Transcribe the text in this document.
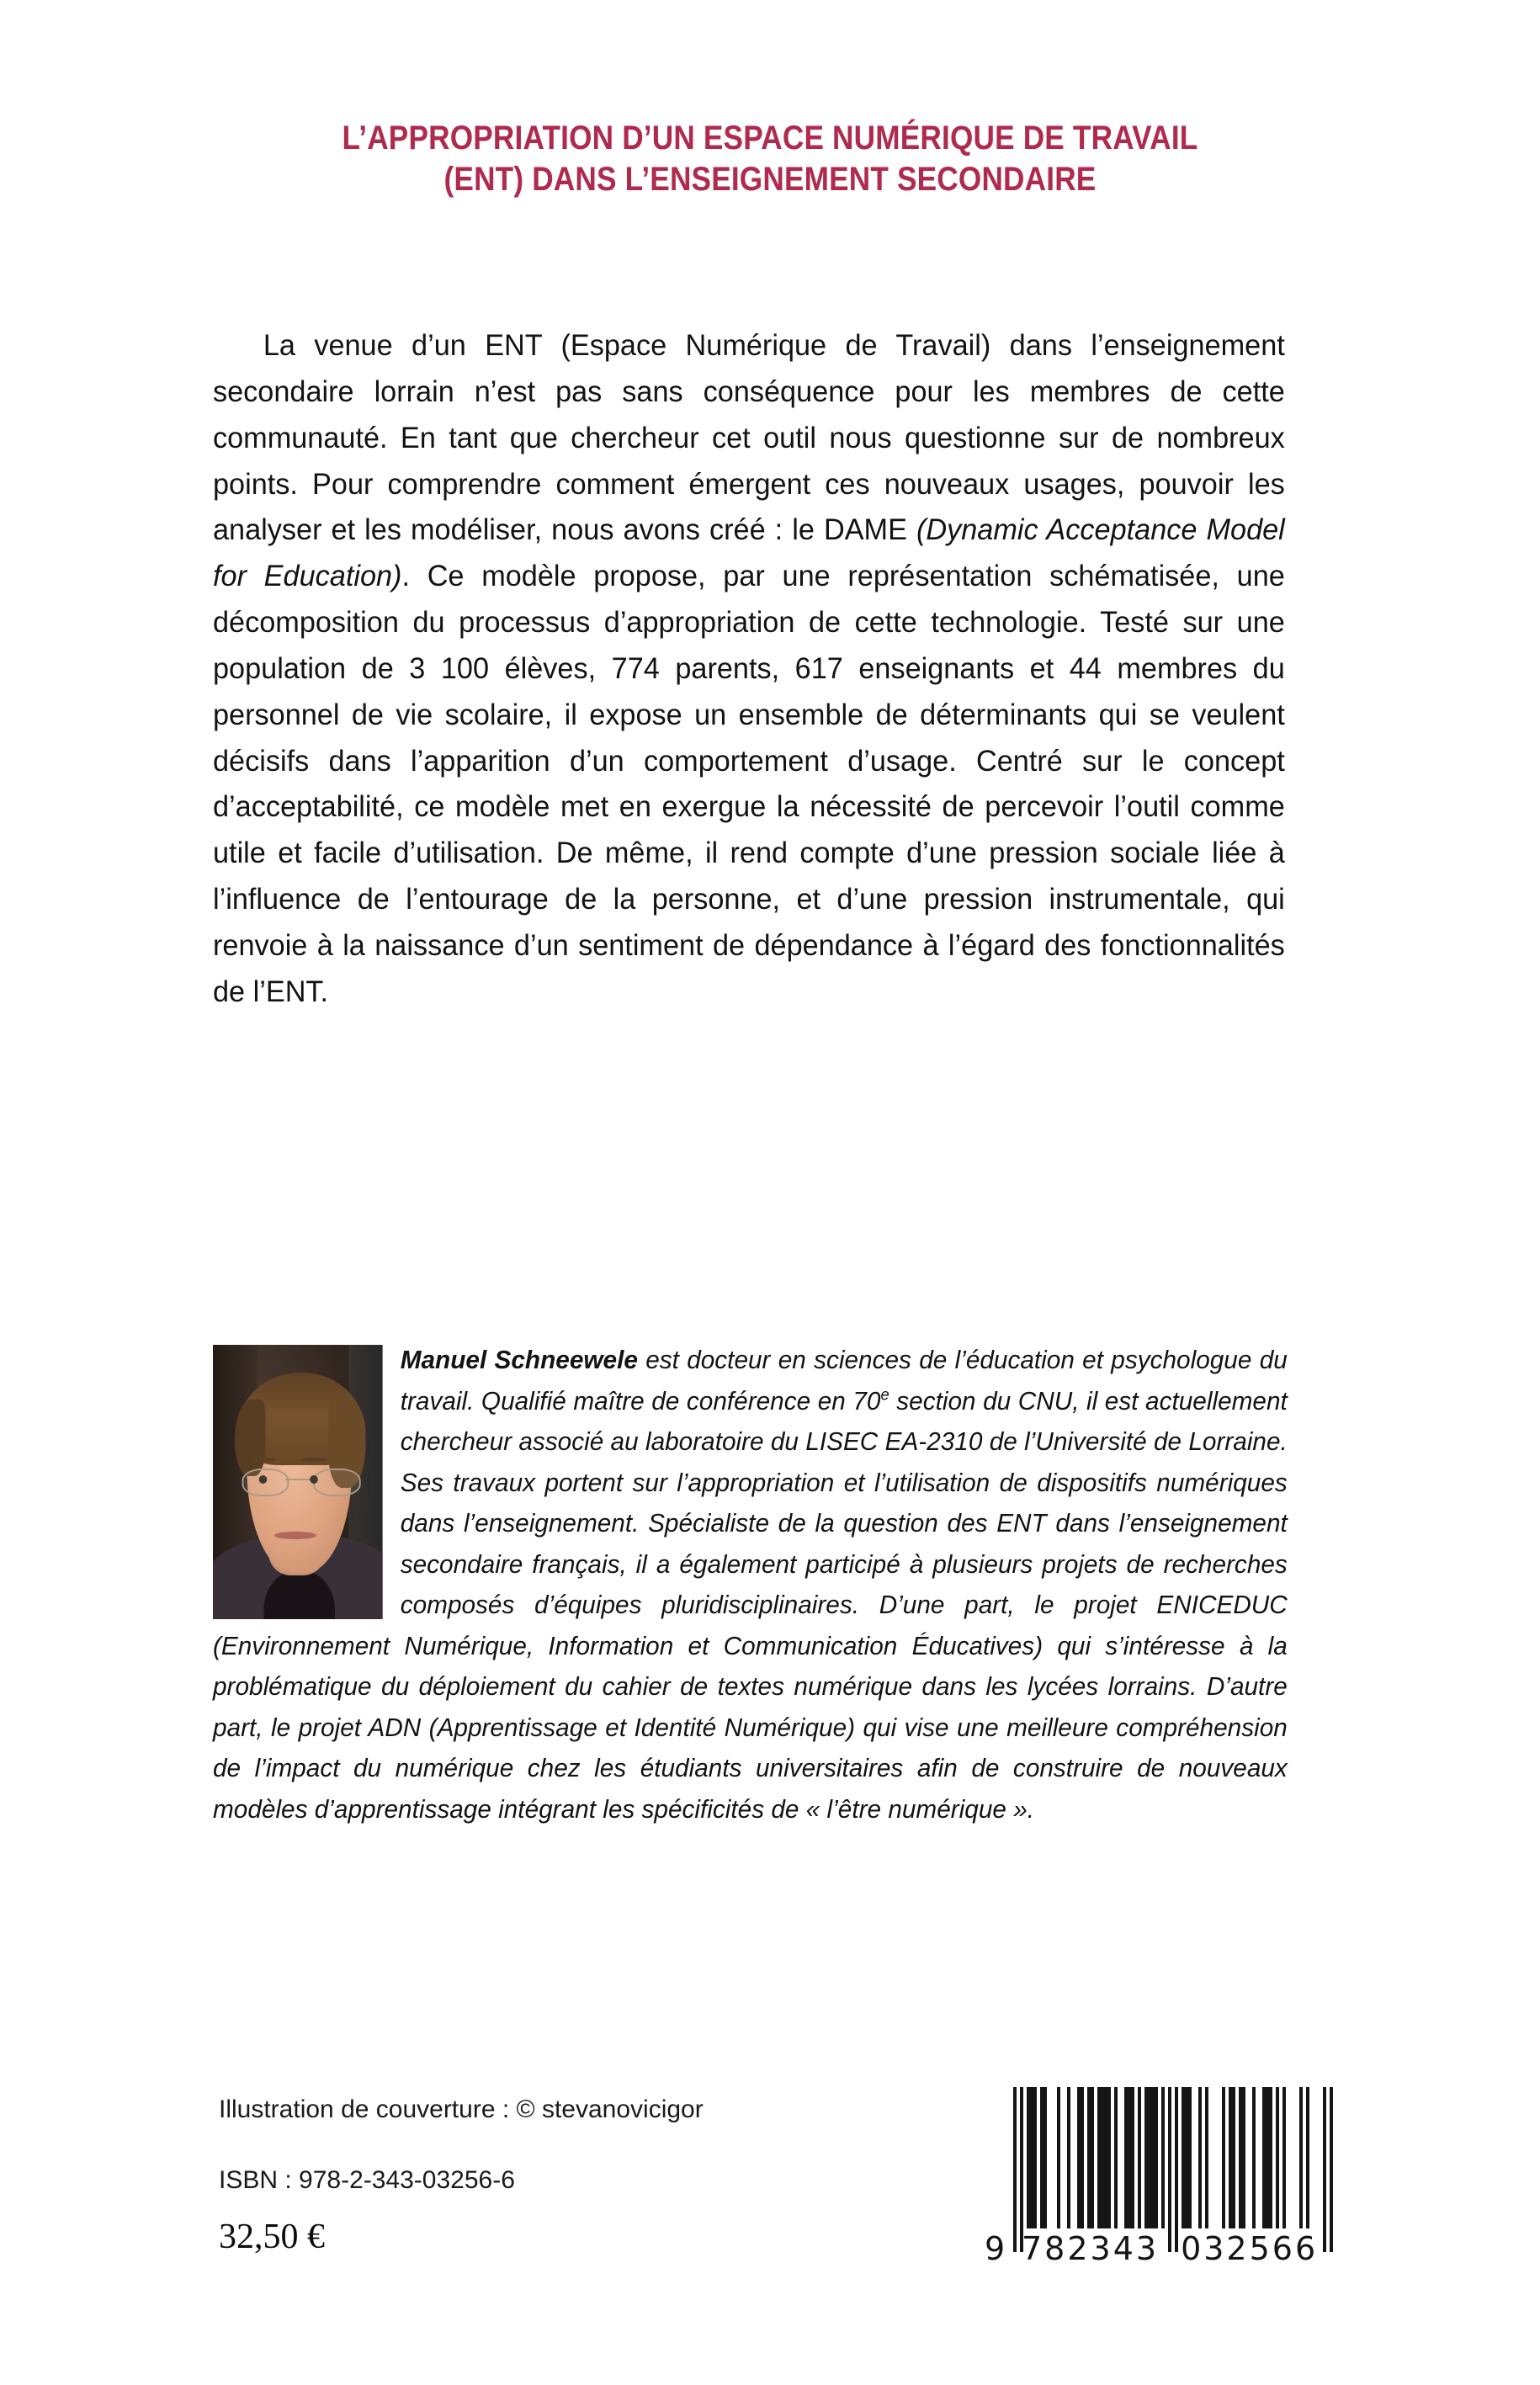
L’APPROPRIATION D’UN ESPACE NUMÉRIQUE DE TRAVAIL
(ENT) DANS L’ENSEIGNEMENT SECONDAIRE
La venue d’un ENT (Espace Numérique de Travail) dans l’enseignement secondaire lorrain n’est pas sans conséquence pour les membres de cette communauté. En tant que chercheur cet outil nous questionne sur de nombreux points. Pour comprendre comment émergent ces nouveaux usages, pouvoir les analyser et les modéliser, nous avons créé : le DAME (Dynamic Acceptance Model for Education). Ce modèle propose, par une représentation schématisée, une décomposition du processus d’appropriation de cette technologie. Testé sur une population de 3 100 élèves, 774 parents, 617 enseignants et 44 membres du personnel de vie scolaire, il expose un ensemble de déterminants qui se veulent décisifs dans l’apparition d’un comportement d’usage. Centré sur le concept d’acceptabilité, ce modèle met en exergue la nécessité de percevoir l’outil comme utile et facile d’utilisation. De même, il rend compte d’une pression sociale liée à l’influence de l’entourage de la personne, et d’une pression instrumentale, qui renvoie à la naissance d’un sentiment de dépendance à l’égard des fonctionnalités de l’ENT.
Manuel Schneewele est docteur en sciences de l’éducation et psychologue du travail. Qualifié maître de conférence en 70e section du CNU, il est actuellement chercheur associé au laboratoire du LISEC EA-2310 de l’Université de Lorraine. Ses travaux portent sur l’appropriation et l’utilisation de dispositifs numériques dans l’enseignement. Spécialiste de la question des ENT dans l’enseignement secondaire français, il a également participé à plusieurs projets de recherches composés d’équipes pluridisciplinaires. D’une part, le projet ENICEDUC (Environnement Numérique, Information et Communication Éducatives) qui s’intéresse à la problématique du déploiement du cahier de textes numérique dans les lycées lorrains. D’autre part, le projet ADN (Apprentissage et Identité Numérique) qui vise une meilleure compréhension de l’impact du numérique chez les étudiants universitaires afin de construire de nouveaux modèles d’apprentissage intégrant les spécificités de « l’être numérique ».
Illustration de couverture : © stevanovicigor
ISBN : 978-2-343-03256-6
32,50 €	9 782343 032566
